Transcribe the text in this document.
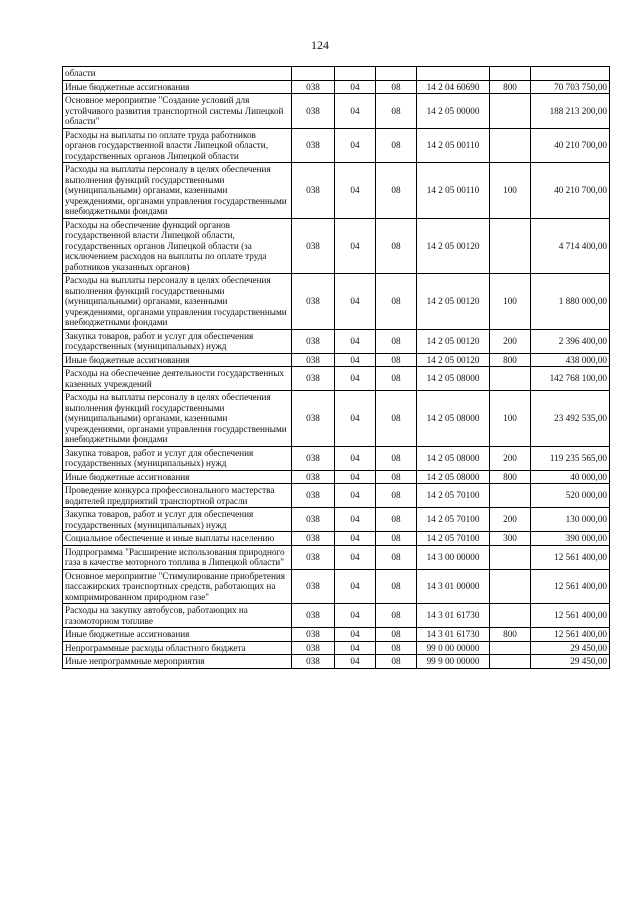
124
области						
Иные бюджетные ассигнования	038	04	08	14 2 04 60690	800	70 703 750,00
Основное мероприятие "Создание условий для устойчивого развития транспортной системы Липецкой области"	038	04	08	14 2 05 00000		188 213 200,00
Расходы на выплаты по оплате труда работников органов государственной власти Липецкой области, государственных органов Липецкой области	038	04	08	14 2 05 00110		40 210 700,00
Расходы на выплаты персоналу в целях обеспечения выполнения функций государственными (муниципальными) органами, казенными учреждениями, органами управления государственными внебюджетными фондами	038	04	08	14 2 05 00110	100	40 210 700,00
Расходы на обеспечение функций органов государственной власти Липецкой области, государственных органов Липецкой области (за исключением расходов на выплаты по оплате труда работников указанных органов)	038	04	08	14 2 05 00120		4 714 400,00
Расходы на выплаты персоналу в целях обеспечения выполнения функций государственными (муниципальными) органами, казенными учреждениями, органами управления государственными внебюджетными фондами	038	04	08	14 2 05 00120	100	1 880 000,00
Закупка товаров, работ и услуг для обеспечения государственных (муниципальных) нужд	038	04	08	14 2 05 00120	200	2 396 400,00
Иные бюджетные ассигнования	038	04	08	14 2 05 00120	800	438 000,00
Расходы на обеспечение деятельности государственных казенных учреждений	038	04	08	14 2 05 08000		142 768 100,00
Расходы на выплаты персоналу в целях обеспечения выполнения функций государственными (муниципальными) органами, казенными учреждениями, органами управления государственными внебюджетными фондами	038	04	08	14 2 05 08000	100	23 492 535,00
Закупка товаров, работ и услуг для обеспечения государственных (муниципальных) нужд	038	04	08	14 2 05 08000	200	119 235 565,00
Иные бюджетные ассигнования	038	04	08	14 2 05 08000	800	40 000,00
Проведение конкурса профессионального мастерства водителей предприятий транспортной отрасли	038	04	08	14 2 05 70100		520 000,00
Закупка товаров, работ и услуг для обеспечения государственных (муниципальных) нужд	038	04	08	14 2 05 70100	200	130 000,00
Социальное обеспечение и иные выплаты населению	038	04	08	14 2 05 70100	300	390 000,00
Подпрограмма "Расширение использования природного газа в качестве моторного топлива в Липецкой области"	038	04	08	14 3 00 00000		12 561 400,00
Основное мероприятие "Стимулирование приобретения пассажирских транспортных средств, работающих на компримированном природном газе"	038	04	08	14 3 01 00000		12 561 400,00
Расходы на закупку автобусов, работающих на газомоторном топливе	038	04	08	14 3 01 61730		12 561 400,00
Иные бюджетные ассигнования	038	04	08	14 3 01 61730	800	12 561 400,00
Непрограммные расходы областного бюджета	038	04	08	99 0 00 00000		29 450,00
Иные непрограммные мероприятия	038	04	08	99 9 00 00000		29 450,00
